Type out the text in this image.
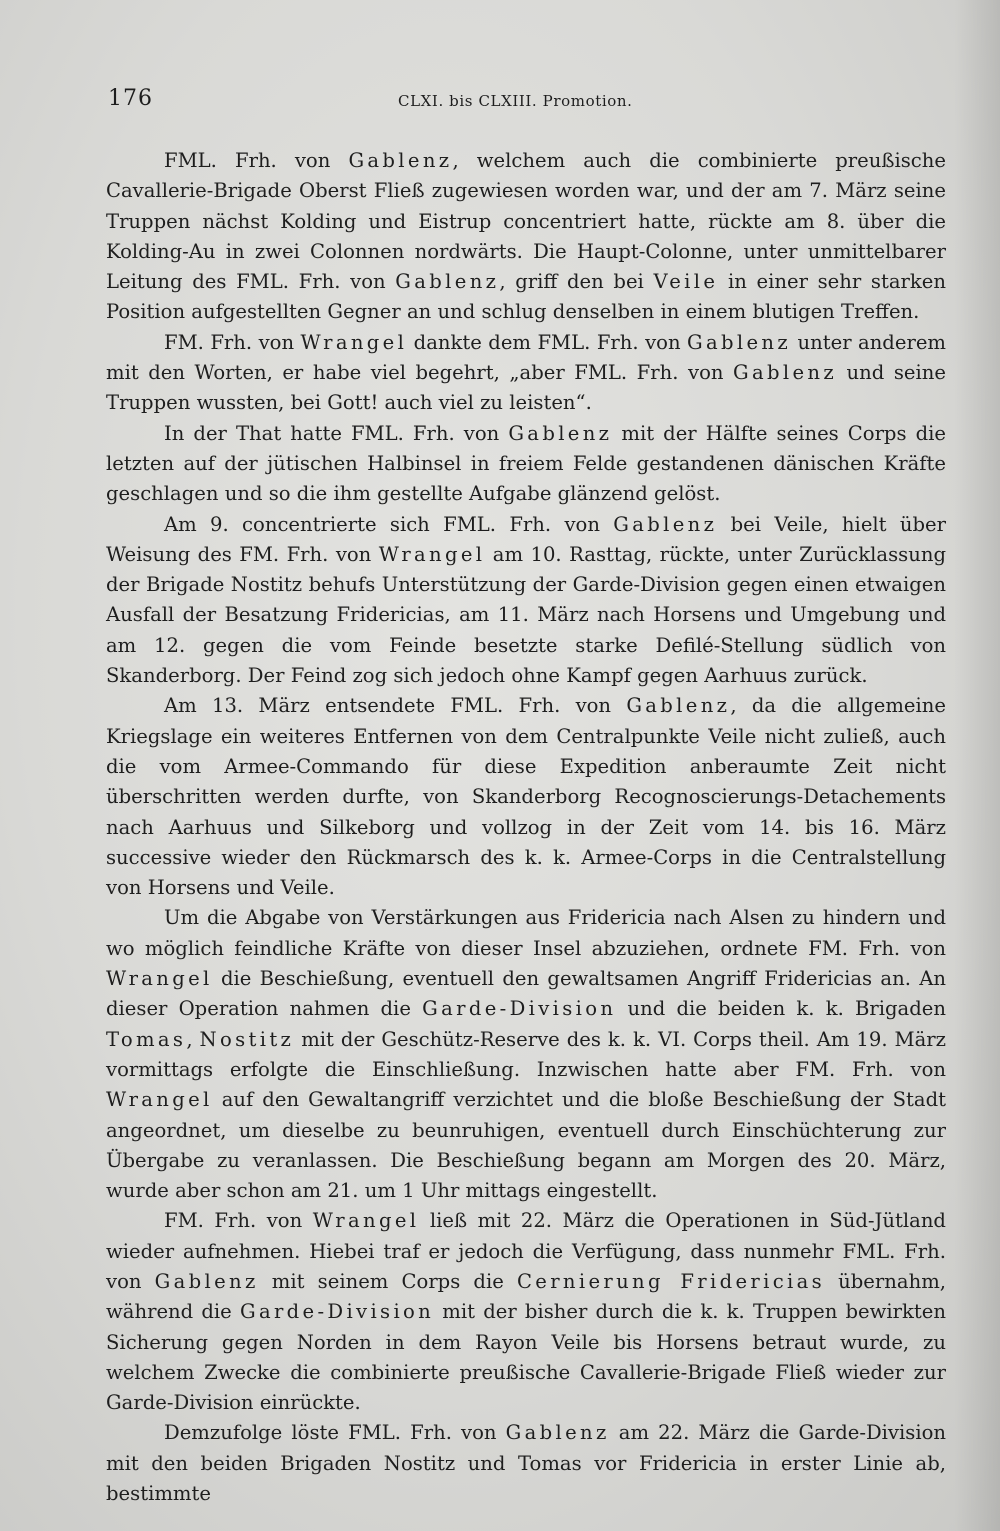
176	CLXI. bis CLXIII. Promotion.

FML. Frh. von Gablenz, welchem auch die combinierte preußische Cavallerie-Brigade Oberst Fließ zugewiesen worden war, und der am 7. März seine Truppen nächst Kolding und Eistrup concentriert hatte, rückte am 8. über die Kolding-Au in zwei Colonnen nordwärts. Die Haupt-Colonne, unter unmittelbarer Leitung des FML. Frh. von Gablenz, griff den bei Veile in einer sehr starken Position aufgestellten Gegner an und schlug denselben in einem blutigen Treffen.

FM. Frh. von Wrangel dankte dem FML. Frh. von Gablenz unter anderem mit den Worten, er habe viel begehrt, „aber FML. Frh. von Gablenz und seine Truppen wussten, bei Gott! auch viel zu leisten“.

In der That hatte FML. Frh. von Gablenz mit der Hälfte seines Corps die letzten auf der jütischen Halbinsel in freiem Felde gestandenen dänischen Kräfte geschlagen und so die ihm gestellte Aufgabe glänzend gelöst.

Am 9. concentrierte sich FML. Frh. von Gablenz bei Veile, hielt über Weisung des FM. Frh. von Wrangel am 10. Rasttag, rückte, unter Zurücklassung der Brigade Nostitz behufs Unterstützung der Garde-Division gegen einen etwaigen Ausfall der Besatzung Fridericias, am 11. März nach Horsens und Umgebung und am 12. gegen die vom Feinde besetzte starke Defilé-Stellung südlich von Skanderborg. Der Feind zog sich jedoch ohne Kampf gegen Aarhuus zurück.

Am 13. März entsendete FML. Frh. von Gablenz, da die allgemeine Kriegslage ein weiteres Entfernen von dem Centralpunkte Veile nicht zuließ, auch die vom Armee-Commando für diese Expedition anberaumte Zeit nicht überschritten werden durfte, von Skanderborg Recognoscierungs-Detachements nach Aarhuus und Silkeborg und vollzog in der Zeit vom 14. bis 16. März successive wieder den Rückmarsch des k. k. Armee-Corps in die Centralstellung von Horsens und Veile.

Um die Abgabe von Verstärkungen aus Fridericia nach Alsen zu hindern und wo möglich feindliche Kräfte von dieser Insel abzuziehen, ordnete FM. Frh. von Wrangel die Beschießung, eventuell den gewaltsamen Angriff Fridericias an. An dieser Operation nahmen die Garde-Division und die beiden k. k. Brigaden Tomas, Nostitz mit der Geschütz-Reserve des k. k. VI. Corps theil. Am 19. März vormittags erfolgte die Einschließung. Inzwischen hatte aber FM. Frh. von Wrangel auf den Gewaltangriff verzichtet und die bloße Beschießung der Stadt angeordnet, um dieselbe zu beunruhigen, eventuell durch Einschüchterung zur Übergabe zu veranlassen. Die Beschießung begann am Morgen des 20. März, wurde aber schon am 21. um 1 Uhr mittags eingestellt.

FM. Frh. von Wrangel ließ mit 22. März die Operationen in Süd-Jütland wieder aufnehmen. Hiebei traf er jedoch die Verfügung, dass nunmehr FML. Frh. von Gablenz mit seinem Corps die Cernierung Fridericias übernahm, während die Garde-Division mit der bisher durch die k. k. Truppen bewirkten Sicherung gegen Norden in dem Rayon Veile bis Horsens betraut wurde, zu welchem Zwecke die combinierte preußische Cavallerie-Brigade Fließ wieder zur Garde-Division einrückte.

Demzufolge löste FML. Frh. von Gablenz am 22. März die Garde-Division mit den beiden Brigaden Nostitz und Tomas vor Fridericia in erster Linie ab, bestimmte
